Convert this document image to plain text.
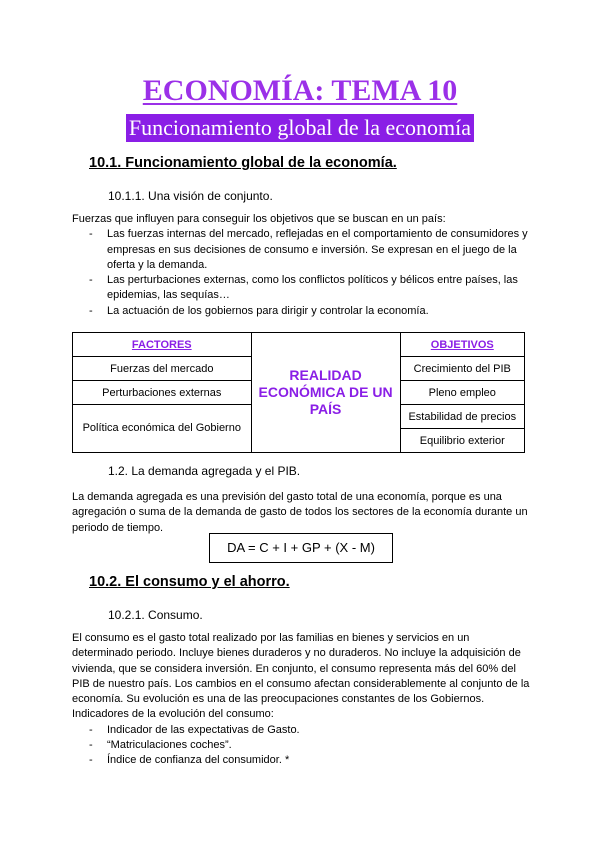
ECONOMÍA: TEMA 10
Funcionamiento global de la economía
10.1. Funcionamiento global de la economía.
10.1.1. Una visión de conjunto.

Fuerzas que influyen para conseguir los objetivos que se buscan en un país:

- Las fuerzas internas del mercado, reflejadas en el comportamiento de consumidores y empresas en sus decisiones de consumo e inversión. Se expresan en el juego de la oferta y la demanda.
- Las perturbaciones externas, como los conflictos políticos y bélicos entre países, las epidemias, las sequías…
- La actuación de los gobiernos para dirigir y controlar la economía.
FACTORES	REALIDAD ECONÓMICA DE UN PAÍS	OBJETIVOS
Fuerzas del mercado		Crecimiento del PIB
Perturbaciones externas		Pleno empleo
Política económica del Gobierno		Estabilidad de precios
		Equilibrio exterior
1.2. La demanda agregada y el PIB.
La demanda agregada es una previsión del gasto total de una economía, porque es una agregación o suma de la demanda de gasto de todos los sectores de la economía durante un periodo de tiempo.
DA = C + I + GP + (X - M)
10.2. El consumo y el ahorro.
10.2.1. Consumo.

El consumo es el gasto total realizado por las familias en bienes y servicios en un determinado periodo. Incluye bienes duraderos y no duraderos. No incluye la adquisición de vivienda, que se considera inversión. En conjunto, el consumo representa más del 60% del PIB de nuestro país. Los cambios en el consumo afectan considerablemente al conjunto de la economía. Su evolución es una de las preocupaciones constantes de los Gobiernos.

Indicadores de la evolución del consumo:

- Indicador de las expectativas de Gasto.
- “Matriculaciones coches”.
- Índice de confianza del consumidor. *
